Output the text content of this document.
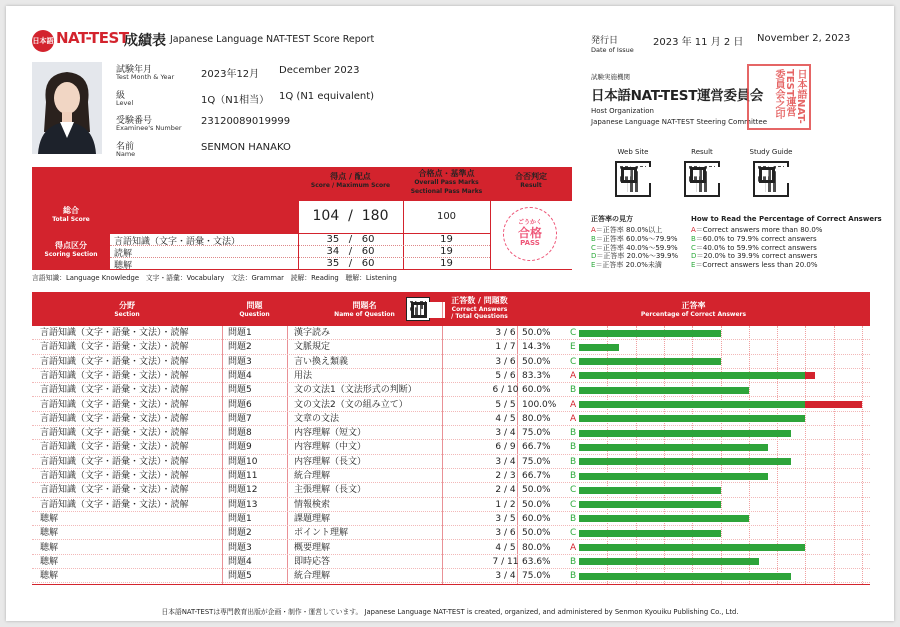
日本語 NAT-TEST
成績表 Japanese Language NAT-TEST Score Report
試験年月
Test Month & Year	2023年12月 December 2023
級
Level	1Q（N1相当） 1Q (N1 equivalent)
受験番号
Examinee's Number
23120089019999
名前
Name
SENMON HANAKO
発行日
Date of Issue
2023 年 11 月 2 日 November 2, 2023
試験実施機関
日本語NAT-TEST運営委員会
Host Organization
Japanese Language NAT-TEST Steering Committee	日本語NAT-TEST運営委員会之印
Web Site	Result	Study Guide
正答率の見方	How to Read the Percentage of Correct Answers
A＝正答率 80.0%以上	A＝Correct answers more than 80.0%
B＝正答率 60.0%〜79.9% B＝60.0% to 79.9% correct answers
C＝正答率 40.0%〜59.9% C＝40.0% to 59.9% correct answers
D＝正答率 20.0%〜39.9% D＝20.0% to 39.9% correct answers
E＝正答率 20.0%未満	E＝Correct answers less than 20.0%
得点 / 配点
Score / Maximum Score
合格点・基準点
Overall Pass Marks
Sectional Pass Marks
合否判定
Result
総合
Total Score
得点区分
Scoring Section
104  /  180	100
言語知識（文字・語彙・文法）	35   /   60	19
読解	34   /   60	19
聴解	35   /   60	19
ごうかく
合格
PASS
言語知識：Language Knowledge　文字・語彙：Vocabulary　文法：Grammar　読解：Reading　聴解：Listening
分野
Section
問題
Question
問題名
Name of Question
正答数 / 問題数
Correct Answers
/ Total Questions
正答率
Percentage of Correct Answers
言語知識（文字・語彙・文法）・読解	問題1	漢字読み	3 / 6 50.0% C
言語知識（文字・語彙・文法）・読解	問題2	文脈規定	1 / 7 14.3% E
言語知識（文字・語彙・文法）・読解	問題3	言い換え類義	3 / 6 50.0% C
言語知識（文字・語彙・文法）・読解	問題4	用法	5 / 6 83.3% A
言語知識（文字・語彙・文法）・読解	問題5	文の文法1（文法形式の判断）	6 / 10 60.0% B
言語知識（文字・語彙・文法）・読解	問題6	文の文法2（文の組み立て）	5 / 5 100.0% A
言語知識（文字・語彙・文法）・読解	問題7	文章の文法	4 / 5 80.0% A
言語知識（文字・語彙・文法）・読解	問題8	内容理解（短文）	3 / 4 75.0% B
言語知識（文字・語彙・文法）・読解	問題9	内容理解（中文）	6 / 9 66.7% B
言語知識（文字・語彙・文法）・読解	問題10	内容理解（長文）	3 / 4 75.0% B
言語知識（文字・語彙・文法）・読解	問題11	統合理解	2 / 3 66.7% B
言語知識（文字・語彙・文法）・読解	問題12	主張理解（長文）	2 / 4 50.0% C
言語知識（文字・語彙・文法）・読解	問題13	情報検索	1 / 2 50.0% C
聴解	問題1	課題理解	3 / 5 60.0% B
聴解	問題2	ポイント理解	3 / 6 50.0% C
聴解	問題3	概要理解	4 / 5 80.0% A
聴解	問題4	即時応答	7 / 11 63.6% B
聴解	問題5	統合理解	3 / 4 75.0% B
日本語NAT-TESTは専門教育出版が企画・制作・運営しています。 Japanese Language NAT-TEST is created, organized, and administered by Senmon Kyouiku Publishing Co., Ltd.
